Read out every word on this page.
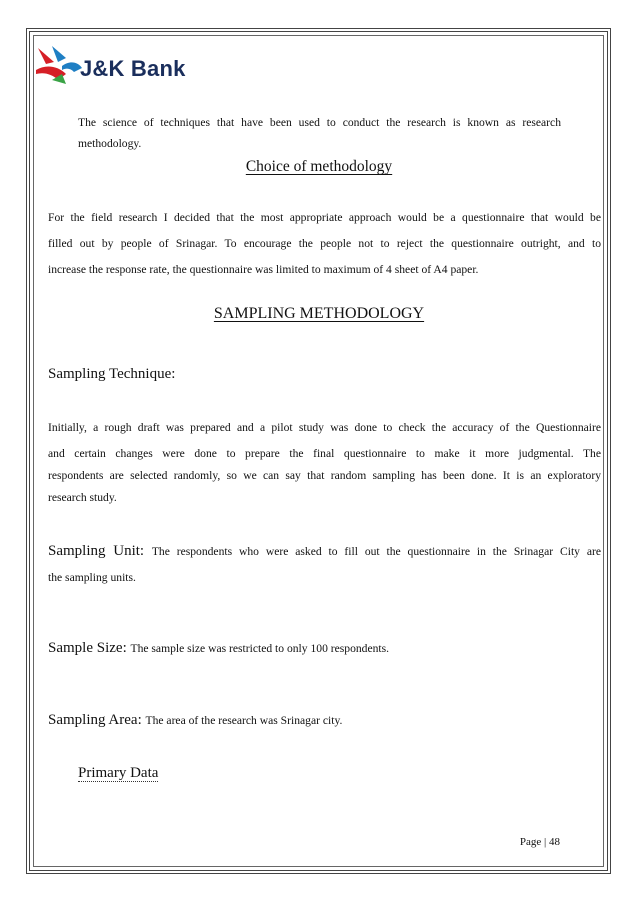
J&K Bank
The science of techniques that have been used to conduct the research is known as research
methodology.
Choice of methodology
For the field research I decided that the most appropriate approach would be a questionnaire that would be
filled out by people of Srinagar. To encourage the people not to reject the questionnaire outright, and to
increase the response rate, the questionnaire was limited to maximum of 4 sheet of A4 paper.
SAMPLING METHODOLOGY
Sampling Technique:
Initially, a rough draft was prepared and a pilot study was done to check the accuracy of the Questionnaire
and certain changes were done to prepare the final questionnaire to make it more judgmental. The
respondents are selected randomly, so we can say that random sampling has been done. It is an exploratory
research study.
Sampling Unit: The respondents who were asked to fill out the questionnaire in the Srinagar City are
the sampling units.
Sample Size: The sample size was restricted to only 100 respondents.
Sampling Area: The area of the research was Srinagar city.
Primary Data
Page | 48
